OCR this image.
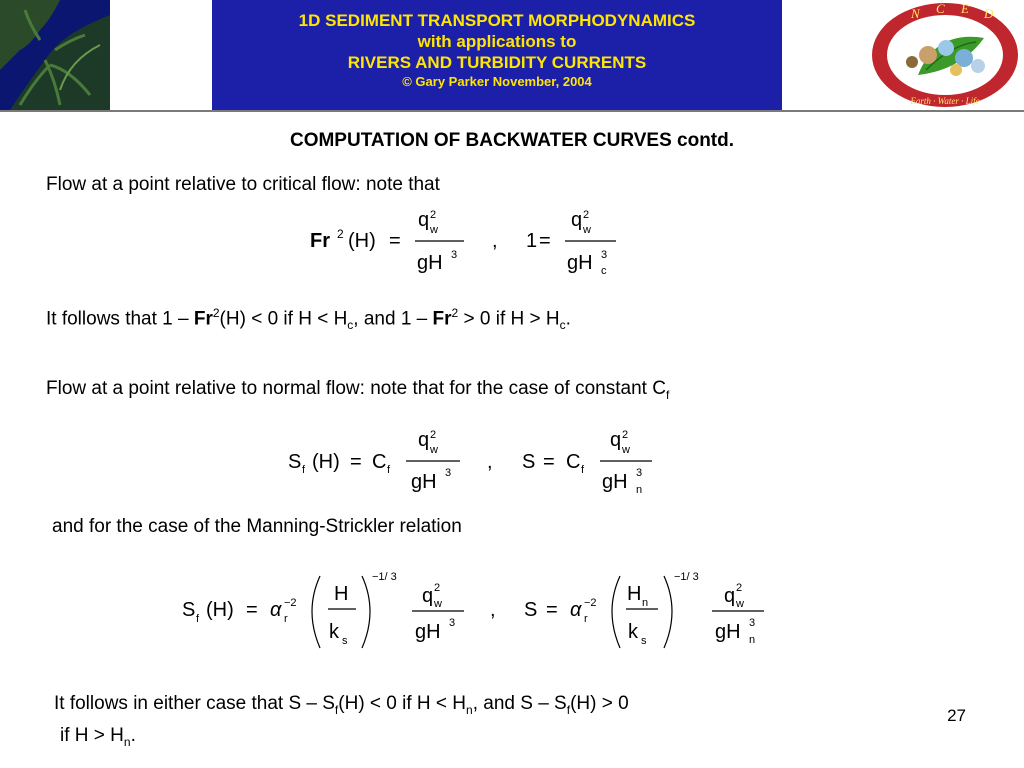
1D SEDIMENT TRANSPORT MORPHODYNAMICS
with applications to
RIVERS AND TURBIDITY CURRENTS
© Gary Parker November, 2004
N C E D
Earth · Water · Life
COMPUTATION OF BACKWATER CURVES contd.
Flow at a point relative to critical flow: note that
Fr 2 (H) =
q 2
w
gH 3
, 1 =
q 2
w
gH 3
c
It follows that $1 - Fr^2(H) < 0$ if $H < H_c$, and $1 - Fr^2 > 0$ if $H > H_c$.
Flow at a point relative to normal flow: note that for the case of constant $C_f$
S f (H) = C f
q 2
w
gH 3 , S = C f
q 2
w
gH 3
n
and for the case of the Manning-Strickler relation
S f (H) = α r
−2 H
k s
−1/ 3
q 2
w
gH 3
, S = α r
−2 H n
k s
−1/ 3
q 2
w
gH 3
n
It follows in either case that $S - S_f(H) < 0$ if $H < H_n$, and $S - S_f(H) > 0$
if $H > H_n$.
27
